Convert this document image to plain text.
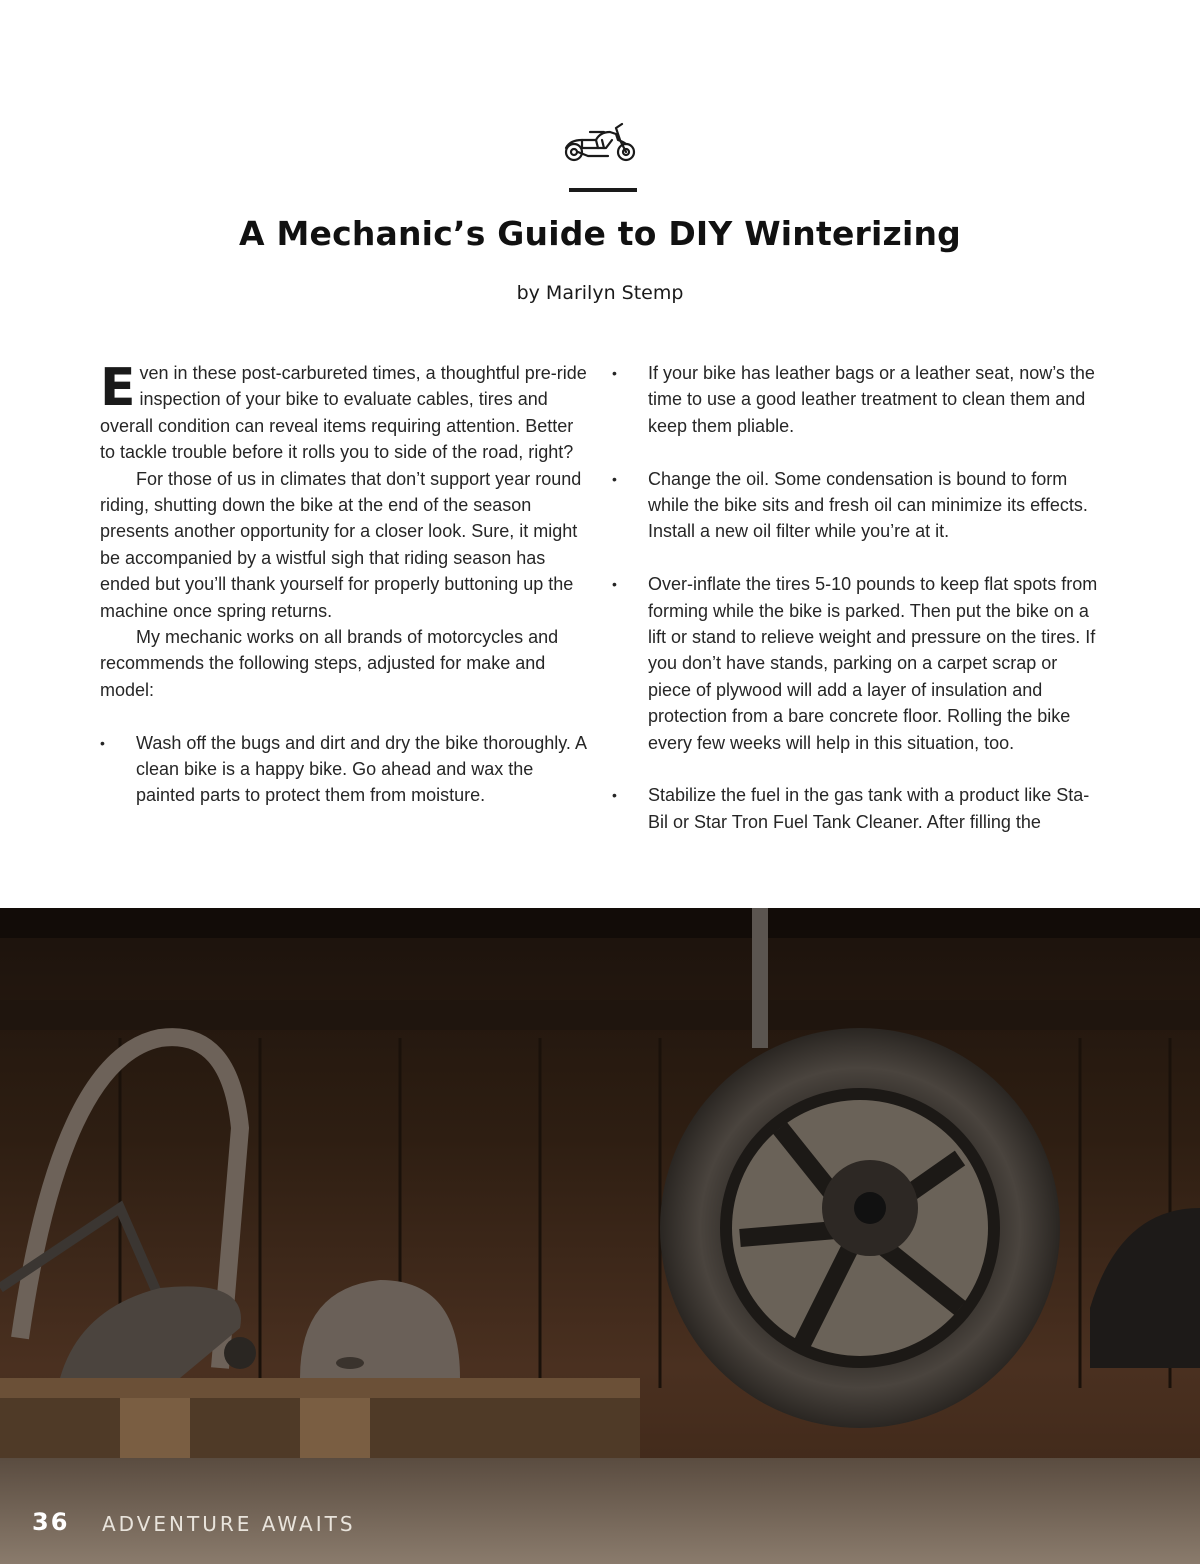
A Mechanic’s Guide to DIY Winterizing

by Marilyn Stemp

Even in these post-carbureted times, a thoughtful pre-ride inspection of your bike to evaluate cables, tires and overall condition can reveal items requiring attention. Better to tackle trouble before it rolls you to side of the road, right?

For those of us in climates that don’t support year round riding, shutting down the bike at the end of the season presents another opportunity for a closer look. Sure, it might be accompanied by a wistful sigh that riding season has ended but you’ll thank yourself for properly buttoning up the machine once spring returns.

My mechanic works on all brands of motorcycles and recommends the following steps, adjusted for make and model:

• Wash off the bugs and dirt and dry the bike thoroughly. A clean bike is a happy bike. Go ahead and wax the painted parts to protect them from moisture.
• If your bike has leather bags or a leather seat, now’s the time to use a good leather treatment to clean them and keep them pliable.
• Change the oil. Some condensation is bound to form while the bike sits and fresh oil can minimize its effects. Install a new oil filter while you’re at it.
• Over-inflate the tires 5-10 pounds to keep flat spots from forming while the bike is parked. Then put the bike on a lift or stand to relieve weight and pressure on the tires. If you don’t have stands, parking on a carpet scrap or piece of plywood will add a layer of insulation and protection from a bare concrete floor. Rolling the bike every few weeks will help in this situation, too.
• Stabilize the fuel in the gas tank with a product like Sta-Bil or Star Tron Fuel Tank Cleaner. After filling the
36 ADVENTURE AWAITS
